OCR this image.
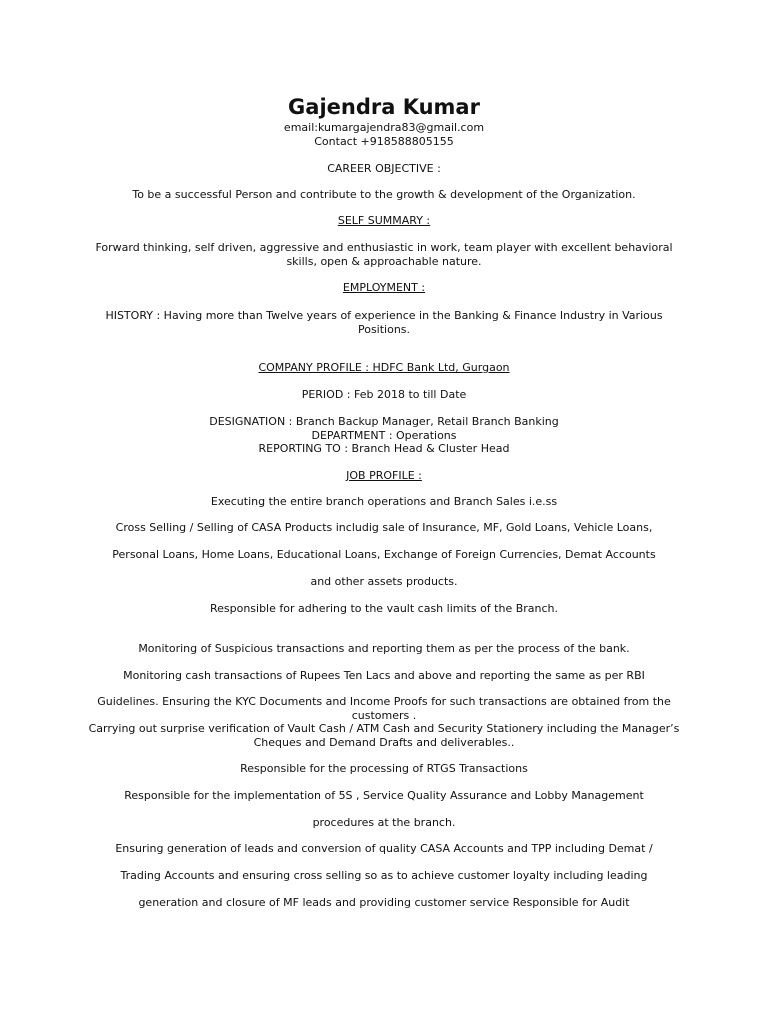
Gajendra Kumar
email:kumargajendra83@gmail.com
Contact +918588805155
CAREER OBJECTIVE :
To be a successful Person and contribute to the growth & development of the Organization.
SELF SUMMARY :
Forward thinking, self driven, aggressive and enthusiastic in work, team player with excellent behavioral skills, open & approachable nature.
EMPLOYMENT :
HISTORY : Having more than Twelve years of experience in the Banking & Finance Industry in Various Positions.
COMPANY PROFILE : HDFC Bank Ltd, Gurgaon
PERIOD : Feb 2018 to till Date
DESIGNATION : Branch Backup Manager, Retail Branch Banking
DEPARTMENT : Operations
REPORTING TO : Branch Head & Cluster Head
JOB PROFILE :
Executing the entire branch operations and Branch Sales i.e.ss
Cross Selling / Selling of CASA Products includig sale of Insurance, MF, Gold Loans, Vehicle Loans,
Personal Loans, Home Loans, Educational Loans, Exchange of Foreign Currencies, Demat Accounts
and other assets products.
Responsible for adhering to the vault cash limits of the Branch.
Monitoring of Suspicious transactions and reporting them as per the process of the bank.
Monitoring cash transactions of Rupees Ten Lacs and above and reporting the same as per RBI
Guidelines. Ensuring the KYC Documents and Income Proofs for such transactions are obtained from the customers .
Carrying out surprise verification of Vault Cash / ATM Cash and Security Stationery including the Manager’s Cheques and Demand Drafts and deliverables..
Responsible for the processing of RTGS Transactions
Responsible for the implementation of 5S , Service Quality Assurance and Lobby Management
procedures at the branch.
Ensuring generation of leads and conversion of quality CASA Accounts and TPP including Demat /
Trading Accounts and ensuring cross selling so as to achieve customer loyalty including leading
generation and closure of MF leads and providing customer service Responsible for Audit
